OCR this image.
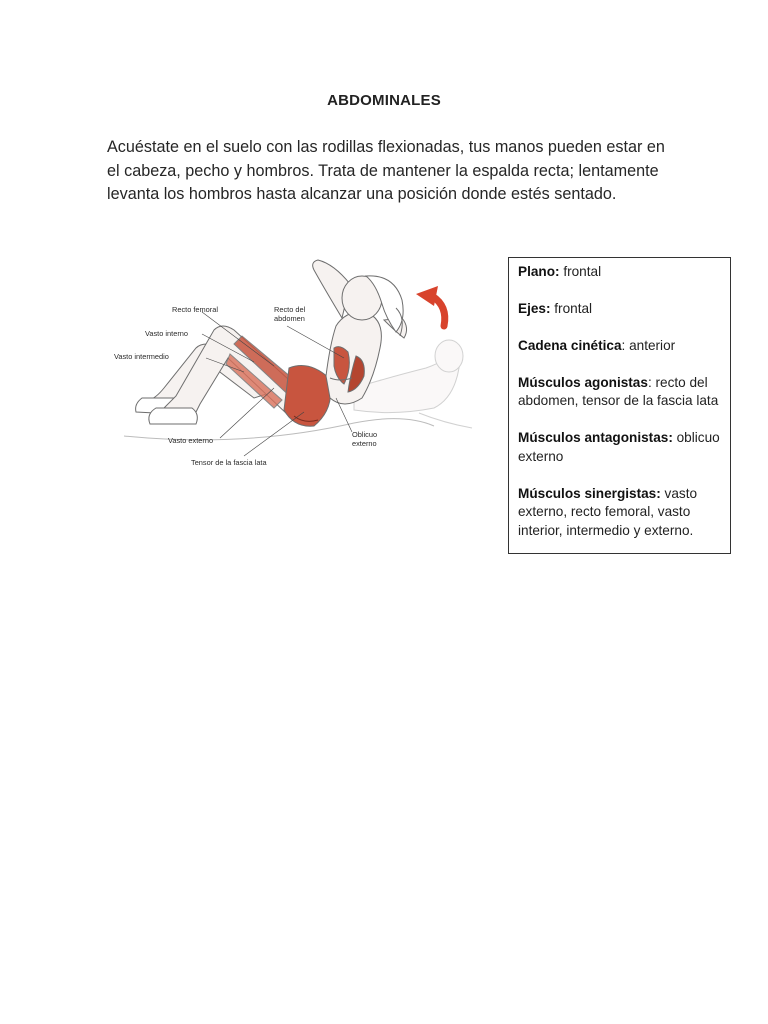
ABDOMINALES

Acuéstate en el suelo con las rodillas flexionadas, tus manos pueden estar en el cabeza, pecho y hombros. Trata de mantener la espalda recta; lentamente levanta los hombros hasta alcanzar una posición donde estés sentado.

Recto femoral	Recto del
abdomen
Vasto interno
Vasto intermedio
Vasto externo
Tensor de la fascia lata
Oblicuo
externo

Plano: frontal

Ejes: frontal

Cadena cinética: anterior

Músculos agonistas: recto del abdomen, tensor de la fascia lata

Músculos antagonistas: oblicuo externo

Músculos sinergistas: vasto externo, recto femoral, vasto interior, intermedio y externo.
